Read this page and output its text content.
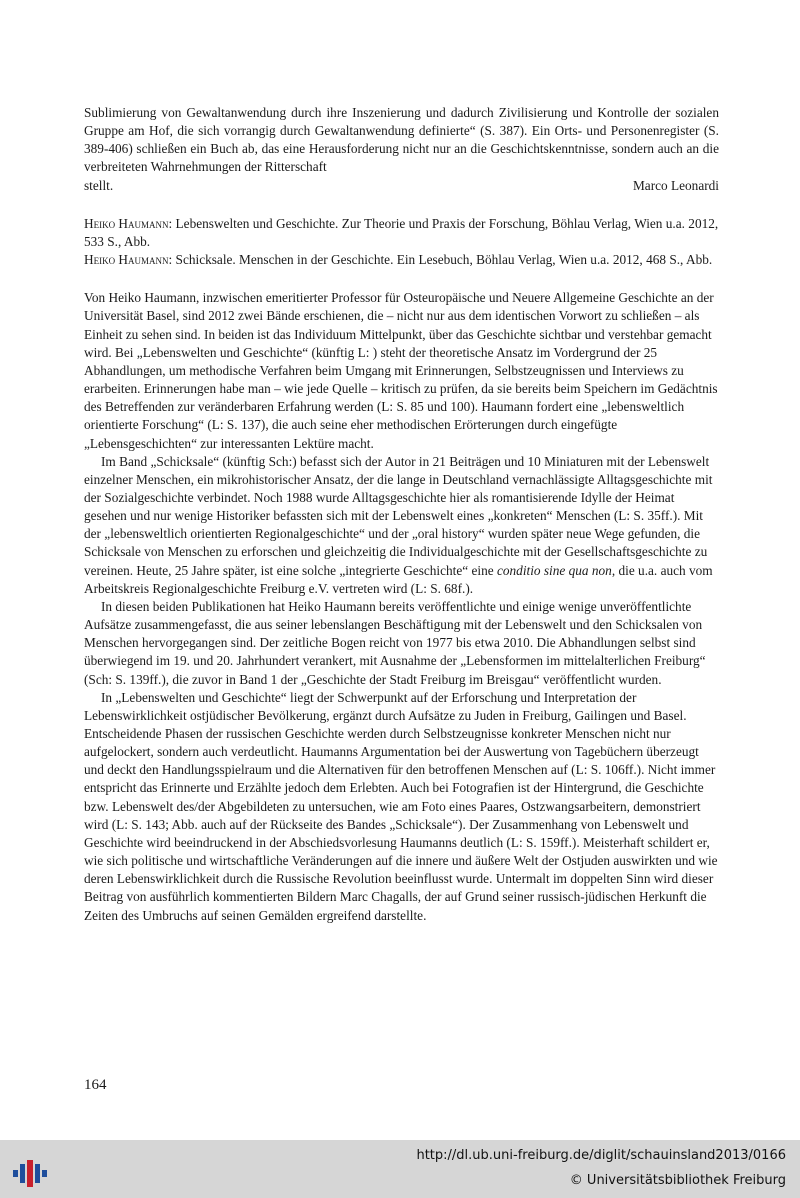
Sublimierung von Gewaltanwendung durch ihre Inszenierung und dadurch Zivilisierung und Kontrolle der sozialen Gruppe am Hof, die sich vorrangig durch Gewaltanwendung definierte“ (S. 387). Ein Orts- und Personenregister (S. 389-406) schließen ein Buch ab, das eine Herausforderung nicht nur an die Geschichtskenntnisse, sondern auch an die verbreiteten Wahrnehmungen der Ritterschaft

stellt.	Marco Leonardi

Heiko Haumann: Lebenswelten und Geschichte. Zur Theorie und Praxis der Forschung, Böhlau Verlag, Wien u.a. 2012, 533 S., Abb.

Heiko Haumann: Schicksale. Menschen in der Geschichte. Ein Lesebuch, Böhlau Verlag, Wien u.a. 2012, 468 S., Abb.

Von Heiko Haumann, inzwischen emeritierter Professor für Osteuropäische und Neuere Allgemeine Geschichte an der Universität Basel, sind 2012 zwei Bände erschienen, die – nicht nur aus dem identischen Vorwort zu schließen – als Einheit zu sehen sind. In beiden ist das Individuum Mittelpunkt, über das Geschichte sichtbar und verstehbar gemacht wird. Bei „Lebenswelten und Geschichte“ (künftig L: ) steht der theoretische Ansatz im Vordergrund der 25 Abhandlungen, um methodische Verfahren beim Umgang mit Erinnerungen, Selbstzeugnissen und Interviews zu erarbeiten. Erinnerungen habe man – wie jede Quelle – kritisch zu prüfen, da sie bereits beim Speichern im Gedächtnis des Betreffenden zur veränderbaren Erfahrung werden (L: S. 85 und 100). Haumann fordert eine „lebensweltlich orientierte Forschung“ (L: S. 137), die auch seine eher methodischen Erörterungen durch eingefügte „Lebensgeschichten“ zur interessanten Lektüre macht.

Im Band „Schicksale“ (künftig Sch:) befasst sich der Autor in 21 Beiträgen und 10 Miniaturen mit der Lebenswelt einzelner Menschen, ein mikrohistorischer Ansatz, der die lange in Deutschland vernachlässigte Alltagsgeschichte mit der Sozialgeschichte verbindet. Noch 1988 wurde Alltagsgeschichte hier als romantisierende Idylle der Heimat gesehen und nur wenige Historiker befassten sich mit der Lebenswelt eines „konkreten“ Menschen (L: S. 35ff.). Mit der „lebensweltlich orientierten Regionalgeschichte“ und der „oral history“ wurden später neue Wege gefunden, die Schicksale von Menschen zu erforschen und gleichzeitig die Individualgeschichte mit der Gesellschaftsgeschichte zu vereinen. Heute, 25 Jahre später, ist eine solche „integrierte Geschichte“ eine conditio sine qua non, die u.a. auch vom Arbeitskreis Regionalgeschichte Freiburg e.V. vertreten wird (L: S. 68f.).

In diesen beiden Publikationen hat Heiko Haumann bereits veröffentlichte und einige wenige unveröffentlichte Aufsätze zusammengefasst, die aus seiner lebenslangen Beschäftigung mit der Lebenswelt und den Schicksalen von Menschen hervorgegangen sind. Der zeitliche Bogen reicht von 1977 bis etwa 2010. Die Abhandlungen selbst sind überwiegend im 19. und 20. Jahrhundert verankert, mit Ausnahme der „Lebensformen im mittelalterlichen Freiburg“ (Sch: S. 139ff.), die zuvor in Band 1 der „Geschichte der Stadt Freiburg im Breisgau“ veröffentlicht wurden.

In „Lebenswelten und Geschichte“ liegt der Schwerpunkt auf der Erforschung und Interpretation der Lebenswirklichkeit ostjüdischer Bevölkerung, ergänzt durch Aufsätze zu Juden in Freiburg, Gailingen und Basel. Entscheidende Phasen der russischen Geschichte werden durch Selbstzeugnisse konkreter Menschen nicht nur aufgelockert, sondern auch verdeutlicht. Haumanns Argumentation bei der Auswertung von Tagebüchern überzeugt und deckt den Handlungsspielraum und die Alternativen für den betroffenen Menschen auf (L: S. 106ff.). Nicht immer entspricht das Erinnerte und Erzählte jedoch dem Erlebten. Auch bei Fotografien ist der Hintergrund, die Geschichte bzw. Lebenswelt des/der Abgebildeten zu untersuchen, wie am Foto eines Paares, Ostzwangsarbeitern, demonstriert wird (L: S. 143; Abb. auch auf der Rückseite des Bandes „Schicksale“). Der Zusammenhang von Lebenswelt und Geschichte wird beeindruckend in der Abschiedsvorlesung Haumanns deutlich (L: S. 159ff.). Meisterhaft schildert er, wie sich politische und wirtschaftliche Veränderungen auf die innere und äußere Welt der Ostjuden auswirkten und wie deren Lebenswirklichkeit durch die Russische Revolution beeinflusst wurde. Untermalt im doppelten Sinn wird dieser Beitrag von ausführlich kommentierten Bildern Marc Chagalls, der auf Grund seiner russisch-jüdischen Herkunft die Zeiten des Umbruchs auf seinen Gemälden ergreifend darstellte.

164
http://dl.ub.uni-freiburg.de/diglit/schauinsland2013/0166
© Universitätsbibliothek Freiburg
